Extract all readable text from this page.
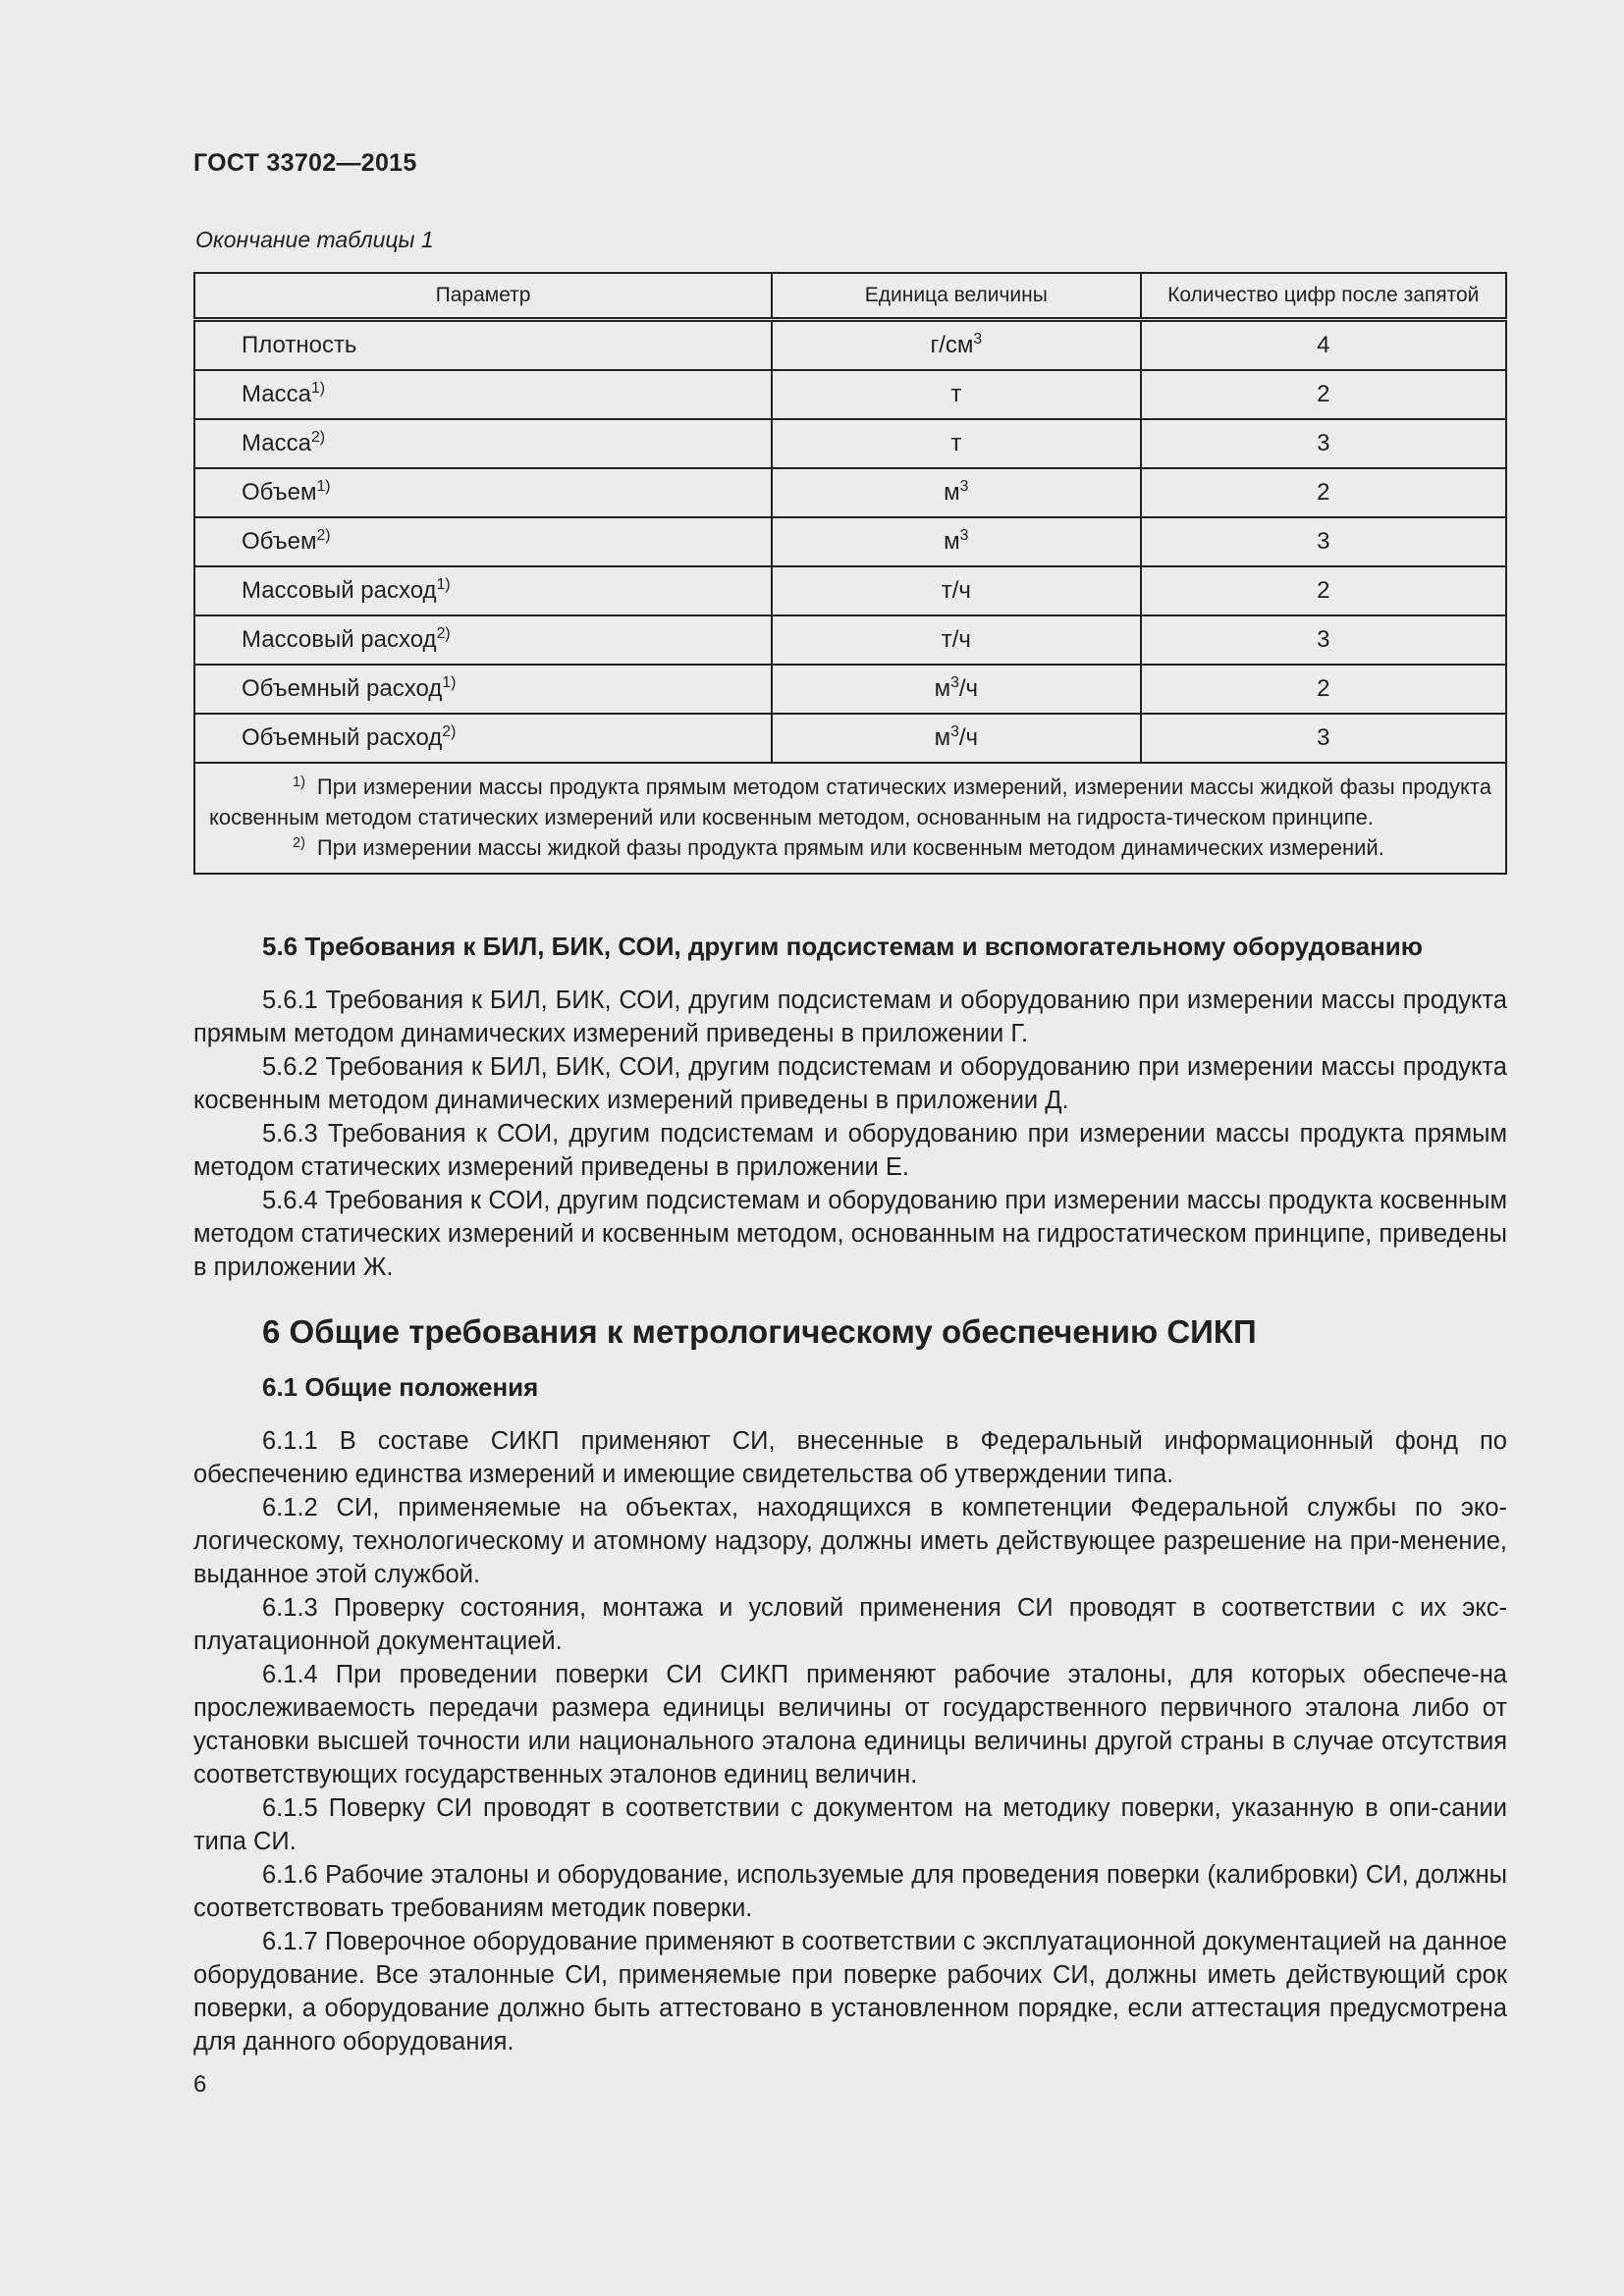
ГОСТ 33702—2015
Окончание таблицы 1
Параметр	Единица величины	Количество цифр после запятой
Плотность	$г/см^3$	4
Масса$^{1)}$	т	2
Масса$^{2)}$	т	3
Объем$^{1)}$	$м^3$	2
Объем$^{2)}$	$м^3$	3
Массовый расход$^{1)}$	т/ч	2
Массовый расход$^{2)}$	т/ч	3
Объемный расход$^{1)}$	$м^3/ч$	2
Объемный расход$^{2)}$	$м^3/ч$	3

$^{1)}$ При измерении массы продукта прямым методом статических измерений, измерении массы жидкой фазы продукта косвенным методом статических измерений или косвенным методом, основанным на гидроста-тическом принципе.
$^{2)}$ При измерении массы жидкой фазы продукта прямым или косвенным методом динамических измерений.		
5.6 Требования к БИЛ, БИК, СОИ, другим подсистемам и вспомогательному оборудованию

5.6.1 Требования к БИЛ, БИК, СОИ, другим подсистемам и оборудованию при измерении массы продукта прямым методом динамических измерений приведены в приложении Г.

5.6.2 Требования к БИЛ, БИК, СОИ, другим подсистемам и оборудованию при измерении массы продукта косвенным методом динамических измерений приведены в приложении Д.

5.6.3 Требования к СОИ, другим подсистемам и оборудованию при измерении массы продукта прямым методом статических измерений приведены в приложении Е.

5.6.4 Требования к СОИ, другим подсистемам и оборудованию при измерении массы продукта косвенным методом статических измерений и косвенным методом, основанным на гидростатическом принципе, приведены в приложении Ж.

6 Общие требования к метрологическому обеспечению СИКП
6.1 Общие положения

6.1.1 В составе СИКП применяют СИ, внесенные в Федеральный информационный фонд по обеспечению единства измерений и имеющие свидетельства об утверждении типа.

6.1.2 СИ, применяемые на объектах, находящихся в компетенции Федеральной службы по эко-логическому, технологическому и атомному надзору, должны иметь действующее разрешение на при-менение, выданное этой службой.

6.1.3 Проверку состояния, монтажа и условий применения СИ проводят в соответствии с их экс-плуатационной документацией.

6.1.4 При проведении поверки СИ СИКП применяют рабочие эталоны, для которых обеспече-на прослеживаемость передачи размера единицы величины от государственного первичного эталона либо от установки высшей точности или национального эталона единицы величины другой страны в случае отсутствия соответствующих государственных эталонов единиц величин.

6.1.5 Поверку СИ проводят в соответствии с документом на методику поверки, указанную в опи-сании типа СИ.

6.1.6 Рабочие эталоны и оборудование, используемые для проведения поверки (калибровки) СИ, должны соответствовать требованиям методик поверки.

6.1.7 Поверочное оборудование применяют в соответствии с эксплуатационной документацией на данное оборудование. Все эталонные СИ, применяемые при поверке рабочих СИ, должны иметь действующий срок поверки, а оборудование должно быть аттестовано в установленном порядке, если аттестация предусмотрена для данного оборудования.

6
